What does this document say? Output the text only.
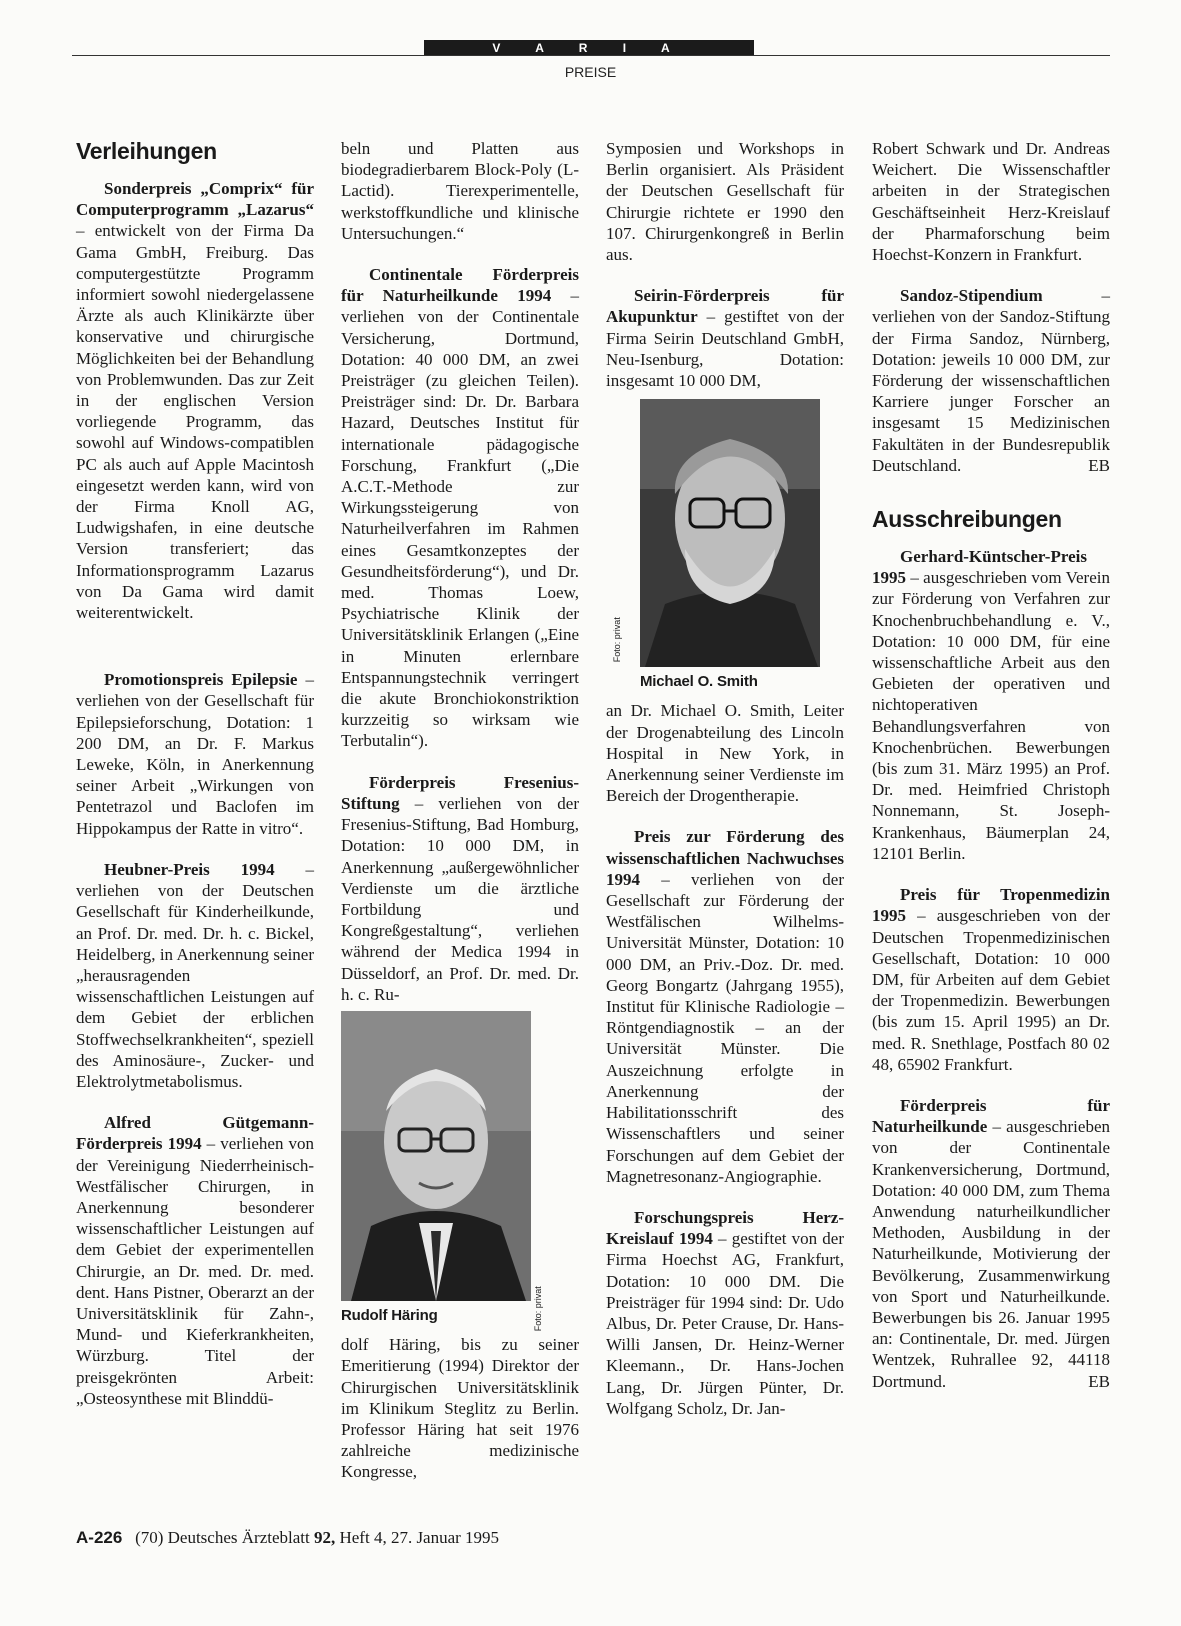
V A R I A
PREISE
Verleihungen
Sonderpreis „Comprix“ für Computerprogramm „Lazarus“ – entwickelt von der Firma Da Gama GmbH, Freiburg. Das computergestützte Programm informiert sowohl niedergelassene Ärzte als auch Klinikärzte über konservative und chirurgische Möglichkeiten bei der Behandlung von Problemwunden. Das zur Zeit in der englischen Version vorliegende Programm, das sowohl auf Windows-compatiblen PC als auch auf Apple Macintosh eingesetzt werden kann, wird von der Firma Knoll AG, Ludwigshafen, in eine deutsche Version transferiert; das Informationsprogramm Lazarus von Da Gama wird damit weiterentwickelt.
Promotionspreis Epilepsie – verliehen von der Gesellschaft für Epilepsieforschung, Dotation: 1 200 DM, an Dr. F. Markus Leweke, Köln, in Anerkennung seiner Arbeit „Wirkungen von Pentetrazol und Baclofen im Hippokampus der Ratte in vitro“.
Heubner-Preis 1994 – verliehen von der Deutschen Gesellschaft für Kinderheilkunde, an Prof. Dr. med. Dr. h. c. Bickel, Heidelberg, in Anerkennung seiner „herausragenden wissenschaftlichen Leistungen auf dem Gebiet der erblichen Stoffwechselkrankheiten“, speziell des Aminosäure-, Zucker- und Elektrolytmetabolismus.
Alfred Gütgemann-Förderpreis 1994 – verliehen von der Vereinigung Niederrheinisch-Westfälischer Chirurgen, in Anerkennung besonderer wissenschaftlicher Leistungen auf dem Gebiet der experimentellen Chirurgie, an Dr. med. Dr. med. dent. Hans Pistner, Oberarzt an der Universitätsklinik für Zahn-, Mund- und Kieferkrankheiten, Würzburg. Titel der preisgekrönten Arbeit: „Osteosynthese mit Blinddü-
beln und Platten aus biodegradierbarem Block-Poly (L-Lactid). Tierexperimentelle, werkstoffkundliche und klinische Untersuchungen.“
Continentale Förderpreis für Naturheilkunde 1994 – verliehen von der Continentale Versicherung, Dortmund, Dotation: 40 000 DM, an zwei Preisträger (zu gleichen Teilen). Preisträger sind: Dr. Dr. Barbara Hazard, Deutsches Institut für internationale pädagogische Forschung, Frankfurt („Die A.C.T.-Methode zur Wirkungssteigerung von Naturheilverfahren im Rahmen eines Gesamtkonzeptes der Gesundheitsförderung“), und Dr. med. Thomas Loew, Psychiatrische Klinik der Universitätsklinik Erlangen („Eine in Minuten erlernbare Entspannungstechnik verringert die akute Bronchiokonstriktion kurzzeitig so wirksam wie Terbutalin“).
Förderpreis Fresenius-Stiftung – verliehen von der Fresenius-Stiftung, Bad Homburg, Dotation: 10 000 DM, in Anerkennung „außergewöhnlicher Verdienste um die ärztliche Fortbildung und Kongreßgestaltung“, verliehen während der Medica 1994 in Düsseldorf, an Prof. Dr. med. Dr. h. c. Ru-
Foto: privat
Rudolf Häring
dolf Häring, bis zu seiner Emeritierung (1994) Direktor der Chirurgischen Universitätsklinik im Klinikum Steglitz zu Berlin. Professor Häring hat seit 1976 zahlreiche medizinische Kongresse,
Symposien und Workshops in Berlin organisiert. Als Präsident der Deutschen Gesellschaft für Chirurgie richtete er 1990 den 107. Chirurgenkongreß in Berlin aus.
Seirin-Förderpreis für Akupunktur – gestiftet von der Firma Seirin Deutschland GmbH, Neu-Isenburg, Dotation: insgesamt 10 000 DM,
Foto: privat
Michael O. Smith
an Dr. Michael O. Smith, Leiter der Drogenabteilung des Lincoln Hospital in New York, in Anerkennung seiner Verdienste im Bereich der Drogentherapie.
Preis zur Förderung des wissenschaftlichen Nachwuchses 1994 – verliehen von der Gesellschaft zur Förderung der Westfälischen Wilhelms-Universität Münster, Dotation: 10 000 DM, an Priv.-Doz. Dr. med. Georg Bongartz (Jahrgang 1955), Institut für Klinische Radiologie – Röntgendiagnostik – an der Universität Münster. Die Auszeichnung erfolgte in Anerkennung der Habilitationsschrift des Wissenschaftlers und seiner Forschungen auf dem Gebiet der Magnetresonanz-Angiographie.
Forschungspreis Herz-Kreislauf 1994 – gestiftet von der Firma Hoechst AG, Frankfurt, Dotation: 10 000 DM. Die Preisträger für 1994 sind: Dr. Udo Albus, Dr. Peter Crause, Dr. Hans-Willi Jansen, Dr. Heinz-Werner Kleemann., Dr. Hans-Jochen Lang, Dr. Jürgen Pünter, Dr. Wolfgang Scholz, Dr. Jan-
Robert Schwark und Dr. Andreas Weichert. Die Wissenschaftler arbeiten in der Strategischen Geschäftseinheit Herz-Kreislauf der Pharmaforschung beim Hoechst-Konzern in Frankfurt.
Sandoz-Stipendium – verliehen von der Sandoz-Stiftung der Firma Sandoz, Nürnberg, Dotation: jeweils 10 000 DM, zur Förderung der wissenschaftlichen Karriere junger Forscher an insgesamt 15 Medizinischen Fakultäten in der Bundesrepublik Deutschland.	EB
Ausschreibungen
Gerhard-Küntscher-Preis 1995 – ausgeschrieben vom Verein zur Förderung von Verfahren zur Knochenbruchbehandlung e. V., Dotation: 10 000 DM, für eine wissenschaftliche Arbeit aus den Gebieten der operativen und nichtoperativen Behandlungsverfahren von Knochenbrüchen. Bewerbungen (bis zum 31. März 1995) an Prof. Dr. med. Heimfried Christoph Nonnemann, St. Joseph-Krankenhaus, Bäumerplan 24, 12101 Berlin.
Preis für Tropenmedizin 1995 – ausgeschrieben von der Deutschen Tropenmedizinischen Gesellschaft, Dotation: 10 000 DM, für Arbeiten auf dem Gebiet der Tropenmedizin. Bewerbungen (bis zum 15. April 1995) an Dr. med. R. Snethlage, Postfach 80 02 48, 65902 Frankfurt.
Förderpreis für Naturheilkunde – ausgeschrieben von der Continentale Krankenversicherung, Dortmund, Dotation: 40 000 DM, zum Thema Anwendung naturheilkundlicher Methoden, Ausbildung in der Naturheilkunde, Motivierung der Bevölkerung, Zusammenwirkung von Sport und Naturheilkunde. Bewerbungen bis 26. Januar 1995 an: Continentale, Dr. med. Jürgen Wentzek, Ruhrallee 92, 44118 Dortmund.	EB
A-226 (70) Deutsches Ärzteblatt 92, Heft 4, 27. Januar 1995
